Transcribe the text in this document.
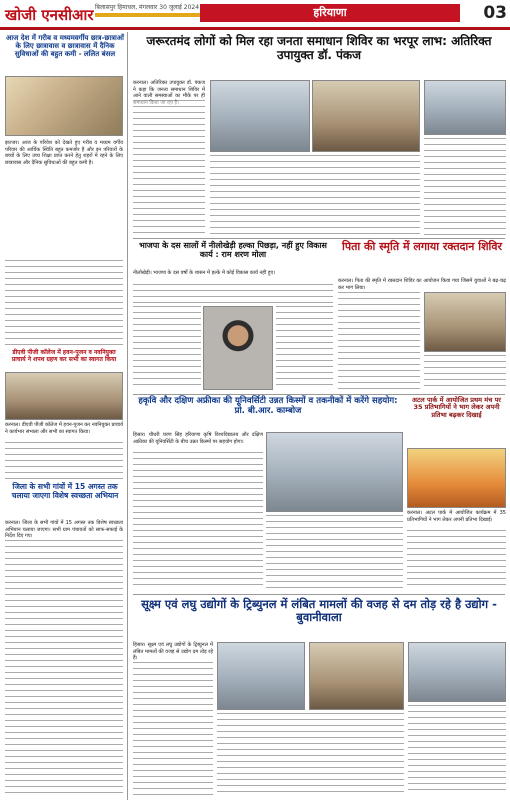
खोजी एनसीआर बिलासपुर हिमाचल, मंगलवार 30 जुलाई 2024	हरियाणा	03
आज देश में गरीब व मध्यमवर्गीय छात्र-छात्राओं के लिए छात्रावास व छात्रावास में दैनिक सुविधाओं की बहुत कमी - ललित बंसल
झज्जर। आज के परिवेश को देखते हुए गरीब व मध्यम वर्गीय परिवार की आर्थिक स्थिति बहुत कमजोर है और इन परिवारों के बच्चों के लिए उच्च शिक्षा प्राप्त करने हेतु शहरों में रहने के लिए छात्रावास और दैनिक सुविधाओं की बहुत कमी है।
डीएवी पीजी कॉलेज में हवन-पूजन व नवनियुक्त प्राचार्य ने शपथ ग्रहण कर सभी का स्वागत किया
करनाल। डीएवी पीजी कॉलेज में हवन-पूजन कर नवनियुक्त प्राचार्य ने कार्यभार संभाला और सभी का स्वागत किया।
जिला के सभी गांवों में 15 अगस्त तक चलाया जाएगा विशेष स्वच्छता अभियान
करनाल। जिला के सभी गांवों में 15 अगस्त तक विशेष स्वच्छता अभियान चलाया जाएगा। सभी ग्राम पंचायतों को साफ-सफाई के निर्देश दिए गए।
जरूरतमंद लोगों को मिल रहा जनता समाधान शिविर का भरपूर लाभ: अतिरिक्त उपायुक्त डॉ. पंकज
करनाल। अतिरिक्त उपायुक्त डॉ. पंकज ने कहा कि जनता समाधान शिविर में आने वाली समस्याओं का मौके पर ही
भाजपा के दस सालों में नीलोखेड़ी हल्का पिछड़ा, नहीं हुए विकास कार्य : राम शरण मोला
नीलोखेड़ी। भाजपा के दस वर्षों के शासन में हल्के में कोई विकास कार्य नहीं हुए।
पिता की स्मृति में लगाया रक्तदान शिविर
करनाल। पिता की स्मृति में रक्तदान शिविर का आयोजन किया गया जिसमें युवाओं ने बढ़-चढ़ कर भाग लिया।
हकृवि और दक्षिण अफ्रीका की यूनिवर्सिटी उन्नत किस्मों व तकनीकों में करेंगे सहयोग: प्रो. बी.आर. काम्बोज
हिसार। चौधरी चरण सिंह हरियाणा कृषि विश्वविद्यालय और दक्षिण अफ्रीका की यूनिवर्सिटी के बीच उन्नत किस्मों पर सहयोग होगा।
अटल पार्क में आयोजित प्रथम मंच पर 35 प्रतिभागियों ने भाग लेकर अपनी प्रतिभा बढ़कर दिखाई
करनाल। अटल पार्क में आयोजित कार्यक्रम में 35 प्रतिभागियों ने भाग लेकर अपनी प्रतिभा दिखाई।
सूक्ष्म एवं लघु उद्योगों के ट्रिब्युनल में लंबित मामलों की वजह से दम तोड़ रहे है उद्योग - बुवानीवाला
हिसार। सूक्ष्म एवं लघु उद्योगों के ट्रिब्युनल में लंबित मामलों की वजह से उद्योग दम तोड़ रहे हैं।
